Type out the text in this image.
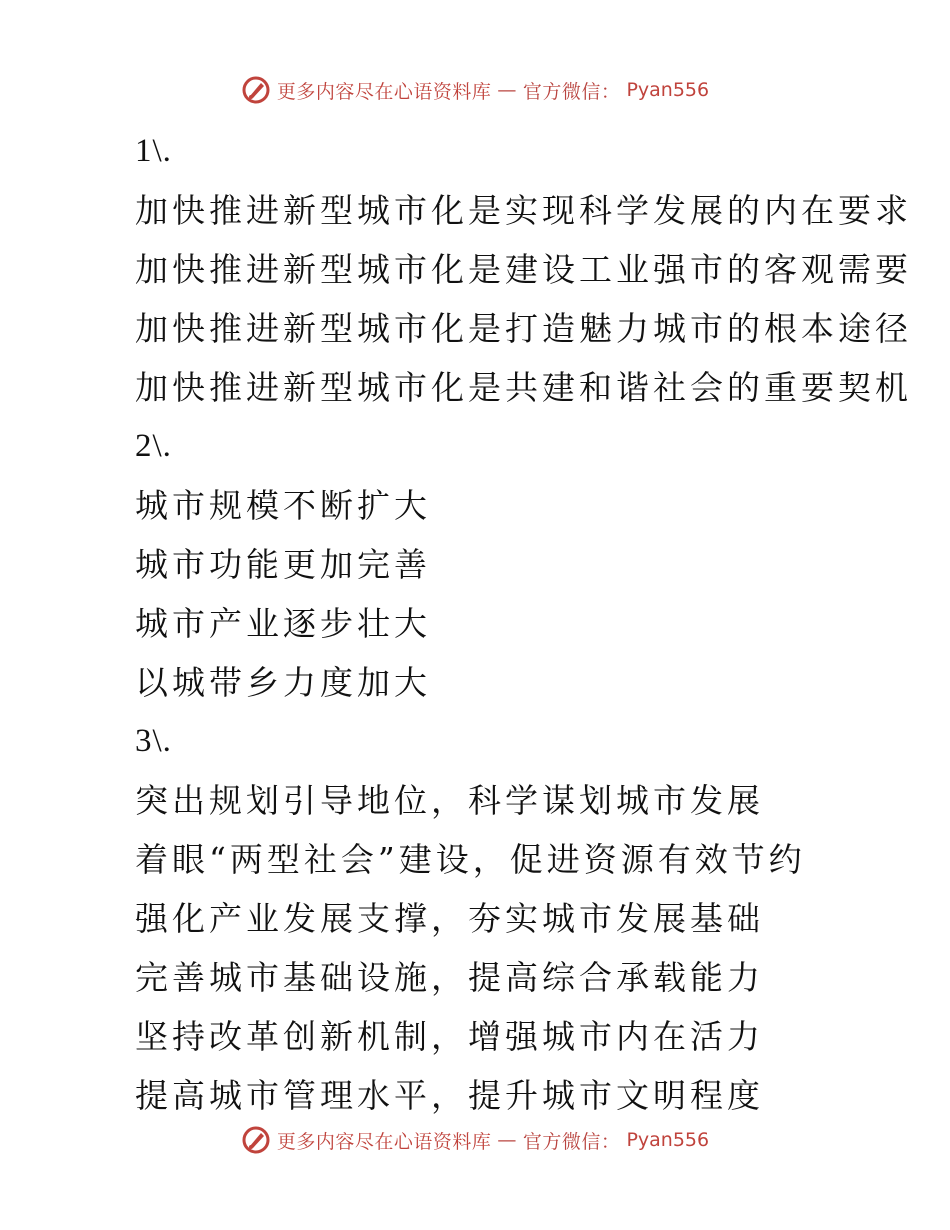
更多内容尽在心语资料库 — 官方微信： Pyan556
1\.
加快推进新型城市化是实现科学发展的内在要求
加快推进新型城市化是建设工业强市的客观需要
加快推进新型城市化是打造魅力城市的根本途径
加快推进新型城市化是共建和谐社会的重要契机
2\.
城市规模不断扩大
城市功能更加完善
城市产业逐步壮大
以城带乡力度加大
3\.
突出规划引导地位，科学谋划城市发展
着眼“两型社会”建设，促进资源有效节约
强化产业发展支撑，夯实城市发展基础
完善城市基础设施，提高综合承载能力
坚持改革创新机制，增强城市内在活力
提高城市管理水平，提升城市文明程度
更多内容尽在心语资料库 — 官方微信： Pyan556
